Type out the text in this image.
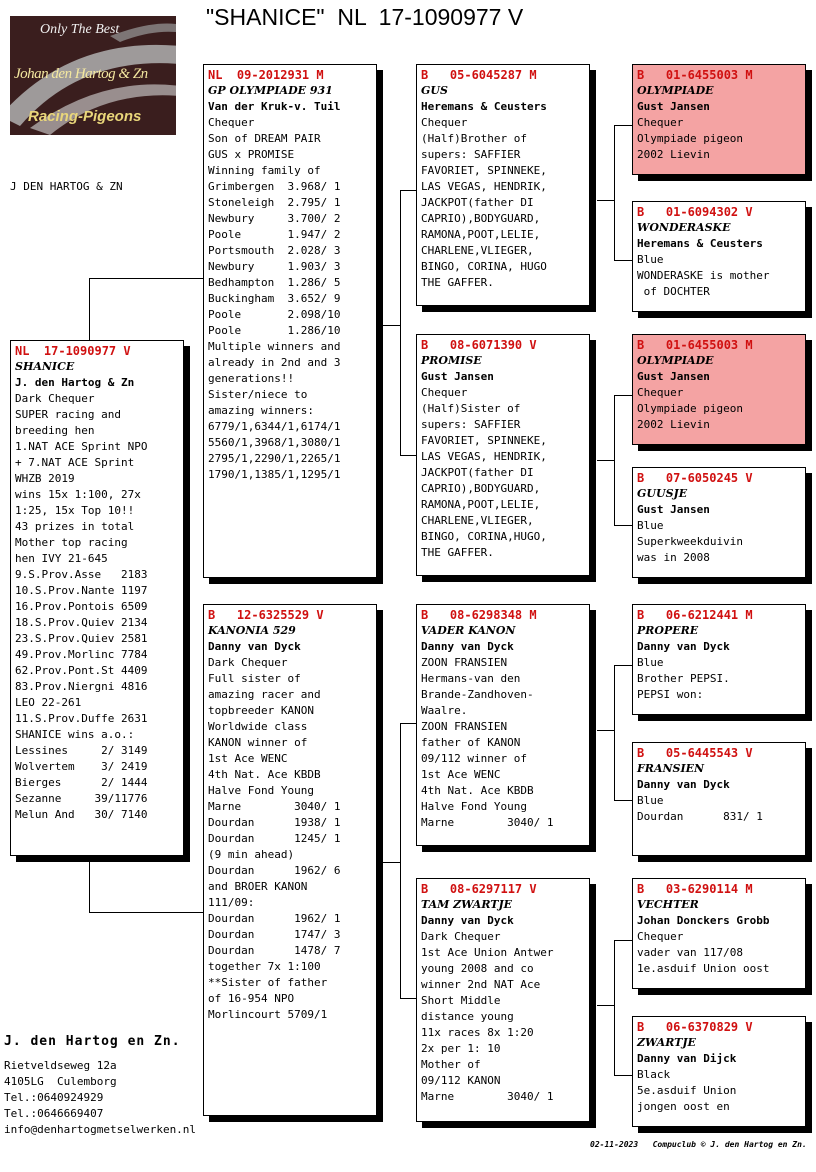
"SHANICE"  NL  17-1090977 V
Only The Best
Johan den Hartog & Zn
Racing-Pigeons
J DEN HARTOG & ZN
NL  17-1090977 V
SHANICE
J. den Hartog & Zn
Dark Chequer
SUPER racing and
breeding hen
1.NAT ACE Sprint NPO
+ 7.NAT ACE Sprint
WHZB 2019
wins 15x 1:100, 27x
1:25, 15x Top 10!!
43 prizes in total
Mother top racing
hen IVY 21-645
9.S.Prov.Asse   2183
10.S.Prov.Nante 1197
16.Prov.Pontois 6509
18.S.Prov.Quiev 2134
23.S.Prov.Quiev 2581
49.Prov.Morlinc 7784
62.Prov.Pont.St 4409
83.Prov.Niergni 4816
LEO 22-261
11.S.Prov.Duffe 2631
SHANICE wins a.o.:
Lessines     2/ 3149
Wolvertem    3/ 2419
Bierges      2/ 1444
Sezanne     39/11776
Melun And   30/ 7140
NL  09-2012931 M
GP OLYMPIADE 931
Van der Kruk-v. Tuil
Chequer
Son of DREAM PAIR
GUS x PROMISE
Winning family of
Grimbergen  3.968/ 1
Stoneleigh  2.795/ 1
Newbury     3.700/ 2
Poole       1.947/ 2
Portsmouth  2.028/ 3
Newbury     1.903/ 3
Bedhampton  1.286/ 5
Buckingham  3.652/ 9
Poole       2.098/10
Poole       1.286/10
Multiple winners and
already in 2nd and 3
generations!!
Sister/niece to
amazing winners:
6779/1,6344/1,6174/1
5560/1,3968/1,3080/1
2795/1,2290/1,2265/1
1790/1,1385/1,1295/1
B   12-6325529 V
KANONIA 529
Danny van Dyck
Dark Chequer
Full sister of
amazing racer and
topbreeder KANON
Worldwide class
KANON winner of
1st Ace WENC
4th Nat. Ace KBDB
Halve Fond Young
Marne        3040/ 1
Dourdan      1938/ 1
Dourdan      1245/ 1
(9 min ahead)
Dourdan      1962/ 6
and BROER KANON
111/09:
Dourdan      1962/ 1
Dourdan      1747/ 3
Dourdan      1478/ 7
together 7x 1:100
**Sister of father
of 16-954 NPO
Morlincourt 5709/1
B   05-6045287 M
GUS
Heremans & Ceusters
Chequer
(Half)Brother of
supers: SAFFIER
FAVORIET, SPINNEKE,
LAS VEGAS, HENDRIK,
JACKPOT(father DI
CAPRIO),BODYGUARD,
RAMONA,POOT,LELIE,
CHARLENE,VLIEGER,
BINGO, CORINA, HUGO
THE GAFFER.
B   08-6071390 V
PROMISE
Gust Jansen
Chequer
(Half)Sister of
supers: SAFFIER
FAVORIET, SPINNEKE,
LAS VEGAS, HENDRIK,
JACKPOT(father DI
CAPRIO),BODYGUARD,
RAMONA,POOT,LELIE,
CHARLENE,VLIEGER,
BINGO, CORINA,HUGO,
THE GAFFER.
B   08-6298348 M
VADER KANON
Danny van Dyck
ZOON FRANSIEN
Hermans-van den
Brande-Zandhoven-
Waalre.
ZOON FRANSIEN
father of KANON
09/112 winner of
1st Ace WENC
4th Nat. Ace KBDB
Halve Fond Young
Marne        3040/ 1
B   08-6297117 V
TAM ZWARTJE
Danny van Dyck
Dark Chequer
1st Ace Union Antwer
young 2008 and co
winner 2nd NAT Ace
Short Middle
distance young
11x races 8x 1:20
2x per 1: 10
Mother of
09/112 KANON
Marne        3040/ 1
B   01-6455003 M
OLYMPIADE
Gust Jansen
Chequer
Olympiade pigeon
2002 Lievin
B   01-6094302 V
WONDERASKE
Heremans & Ceusters
Blue
WONDERASKE is mother
of DOCHTER
B   01-6455003 M
OLYMPIADE
Gust Jansen
Chequer
Olympiade pigeon
2002 Lievin
B   07-6050245 V
GUUSJE
Gust Jansen
Blue
Superkweekduivin
was in 2008
B   06-6212441 M
PROPERE
Danny van Dyck
Blue
Brother PEPSI.
PEPSI won:
B   05-6445543 V
FRANSIEN
Danny van Dyck
Blue
Dourdan      831/ 1
B   03-6290114 M
VECHTER
Johan Donckers Grobb
Chequer
vader van 117/08
1e.asduif Union oost
B   06-6370829 V
ZWARTJE
Danny van Dijck
Black
5e.asduif Union
jongen oost en
J. den Hartog en Zn.
Rietveldseweg 12a
4105LG  Culemborg
Tel.:0640924929
Tel.:0646669407
info@denhartogmetselwerken.nl
02-11-2023   Compuclub © J. den Hartog en Zn.
